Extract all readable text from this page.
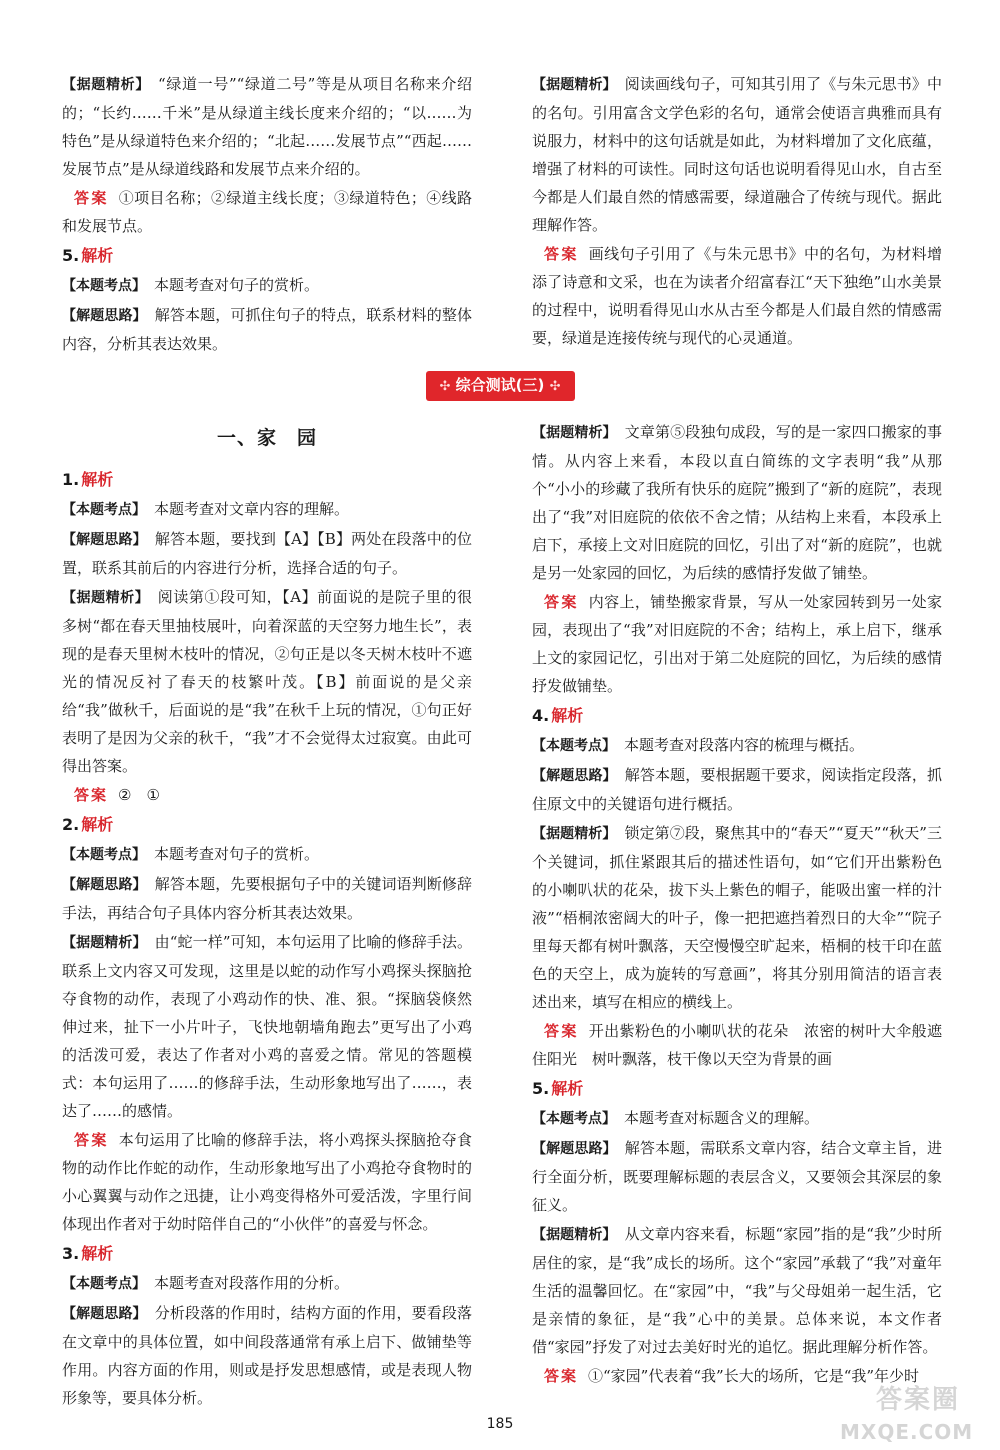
【据题精析】 “绿道一号”“绿道二号”等是从项目名称来介绍的；“长约……千米”是从绿道主线长度来介绍的；“以……为特色”是从绿道特色来介绍的；“北起……发展节点”“西起……发展节点”是从绿道线路和发展节点来介绍的。

答案 ①项目名称；②绿道主线长度；③绿道特色；④线路和发展节点。

5. 解析

【本题考点】 本题考查对句子的赏析。

【解题思路】 解答本题，可抓住句子的特点，联系材料的整体内容，分析其表达效果。

【据题精析】 阅读画线句子，可知其引用了《与朱元思书》中的名句。引用富含文学色彩的名句，通常会使语言典雅而具有说服力，材料中的这句话就是如此，为材料增加了文化底蕴，增强了材料的可读性。同时这句话也说明看得见山水，自古至今都是人们最自然的情感需要，绿道融合了传统与现代。据此理解作答。

答案 画线句子引用了《与朱元思书》中的名句，为材料增添了诗意和文采，也在为读者介绍富春江“天下独绝”山水美景的过程中，说明看得见山水从古至今都是人们最自然的情感需要，绿道是连接传统与现代的心灵通道。

✣ 综合测试(三) ✣
一、家　园
1. 解析

【本题考点】 本题考查对文章内容的理解。

【解题思路】 解答本题，要找到【A】【B】两处在段落中的位置，联系其前后的内容进行分析，选择合适的句子。

【据题精析】 阅读第①段可知，【A】前面说的是院子里的很多树“都在春天里抽枝展叶，向着深蓝的天空努力地生长”，表现的是春天里树木枝叶的情况，②句正是以冬天树木枝叶不遮光的情况反衬了春天的枝繁叶茂。【B】前面说的是父亲给“我”做秋千，后面说的是“我”在秋千上玩的情况，①句正好表明了是因为父亲的秋千，“我”才不会觉得太过寂寞。由此可得出答案。

答案 ②　①

2. 解析

【本题考点】 本题考查对句子的赏析。

【解题思路】 解答本题，先要根据句子中的关键词语判断修辞手法，再结合句子具体内容分析其表达效果。

【据题精析】 由“蛇一样”可知，本句运用了比喻的修辞手法。联系上文内容又可发现，这里是以蛇的动作写小鸡探头探脑抢夺食物的动作，表现了小鸡动作的快、准、狠。“探脑袋倏然伸过来，扯下一小片叶子，飞快地朝墙角跑去”更写出了小鸡的活泼可爱，表达了作者对小鸡的喜爱之情。常见的答题模式：本句运用了……的修辞手法，生动形象地写出了……，表达了……的感情。

答案 本句运用了比喻的修辞手法，将小鸡探头探脑抢夺食物的动作比作蛇的动作，生动形象地写出了小鸡抢夺食物时的小心翼翼与动作之迅捷，让小鸡变得格外可爱活泼，字里行间体现出作者对于幼时陪伴自己的“小伙伴”的喜爱与怀念。

3. 解析

【本题考点】 本题考查对段落作用的分析。

【解题思路】 分析段落的作用时，结构方面的作用，要看段落在文章中的具体位置，如中间段落通常有承上启下、做铺垫等作用。内容方面的作用，则或是抒发思想感情，或是表现人物形象等，要具体分析。

【据题精析】 文章第⑤段独句成段，写的是一家四口搬家的事情。从内容上来看，本段以直白简练的文字表明“我”从那个“小小的珍藏了我所有快乐的庭院”搬到了“新的庭院”，表现出了“我”对旧庭院的依依不舍之情；从结构上来看，本段承上启下，承接上文对旧庭院的回忆，引出了对“新的庭院”，也就是另一处家园的回忆，为后续的感情抒发做了铺垫。

答案 内容上，铺垫搬家背景，写从一处家园转到另一处家园，表现出了“我”对旧庭院的不舍；结构上，承上启下，继承上文的家园记忆，引出对于第二处庭院的回忆，为后续的感情抒发做铺垫。

4. 解析

【本题考点】 本题考查对段落内容的梳理与概括。

【解题思路】 解答本题，要根据题干要求，阅读指定段落，抓住原文中的关键语句进行概括。

【据题精析】 锁定第⑦段，聚焦其中的“春天”“夏天”“秋天”三个关键词，抓住紧跟其后的描述性语句，如“它们开出紫粉色的小喇叭状的花朵，拔下头上紫色的帽子，能吸出蜜一样的汁液”“梧桐浓密阔大的叶子，像一把把遮挡着烈日的大伞”“院子里每天都有树叶飘落，天空慢慢空旷起来，梧桐的枝干印在蓝色的天空上，成为旋转的写意画”，将其分别用简洁的语言表述出来，填写在相应的横线上。

答案 开出紫粉色的小喇叭状的花朵　浓密的树叶大伞般遮住阳光　树叶飘落，枝干像以天空为背景的画

5. 解析

【本题考点】 本题考查对标题含义的理解。

【解题思路】 解答本题，需联系文章内容，结合文章主旨，进行全面分析，既要理解标题的表层含义，又要领会其深层的象征义。

【据题精析】 从文章内容来看，标题“家园”指的是“我”少时所居住的家，是“我”成长的场所。这个“家园”承载了“我”对童年生活的温馨回忆。在“家园”中，“我”与父母姐弟一起生活，它是亲情的象征，是“我”心中的美景。总体来说，本文作者借“家园”抒发了对过去美好时光的追忆。据此理解分析作答。

答案 ①“家园”代表着“我”长大的场所，它是“我”年少时

185
答案圈
MXQE.COM
